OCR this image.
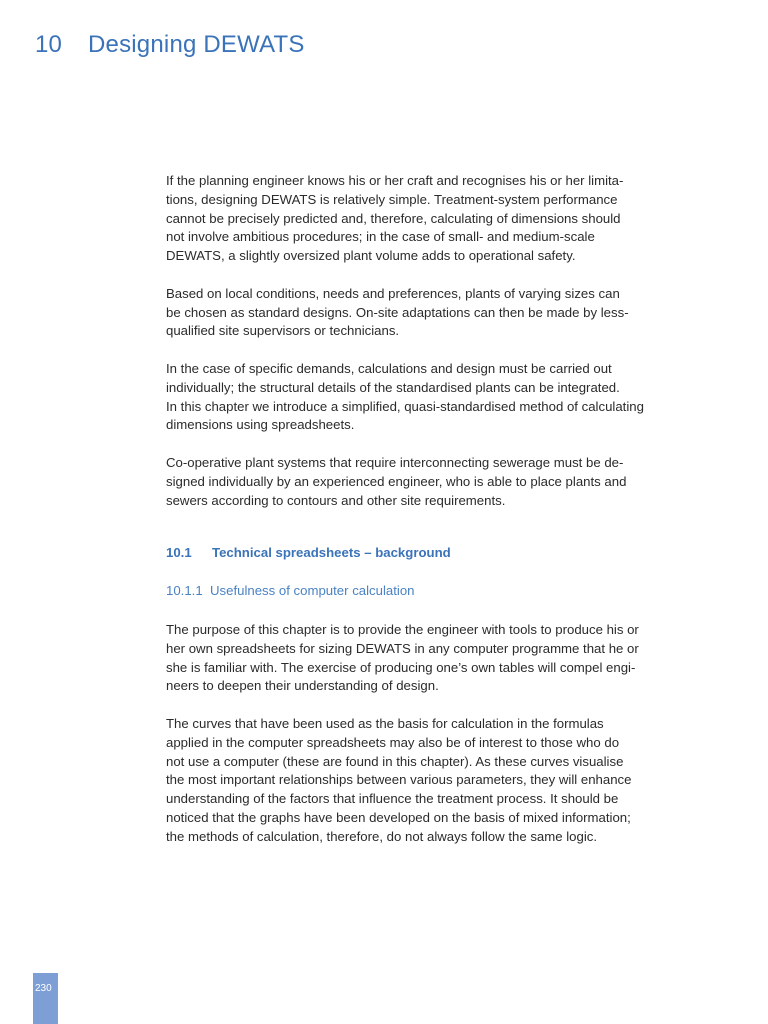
10 Designing DEWATS

If the planning engineer knows his or her craft and recognises his or her limita-
tions, designing DEWATS is relatively simple. Treatment-system performance
cannot be precisely predicted and, therefore, calculating of dimensions should
not involve ambitious procedures; in the case of small- and medium-scale
DEWATS, a slightly oversized plant volume adds to operational safety.

Based on local conditions, needs and preferences, plants of varying sizes can
be chosen as standard designs. On-site adaptations can then be made by less-
qualified site supervisors or technicians.

In the case of specific demands, calculations and design must be carried out
individually; the structural details of the standardised plants can be integrated.
In this chapter we introduce a simplified, quasi-standardised method of calculating
dimensions using spreadsheets.

Co-operative plant systems that require interconnecting sewerage must be de-
signed individually by an experienced engineer, who is able to place plants and
sewers according to contours and other site requirements.

10.1 Technical spreadsheets – background
10.1.1 Usefulness of computer calculation

The purpose of this chapter is to provide the engineer with tools to produce his or
her own spreadsheets for sizing DEWATS in any computer programme that he or
she is familiar with. The exercise of producing one’s own tables will compel engi-
neers to deepen their understanding of design.

The curves that have been used as the basis for calculation in the formulas
applied in the computer spreadsheets may also be of interest to those who do
not use a computer (these are found in this chapter). As these curves visualise
the most important relationships between various parameters, they will enhance
understanding of the factors that influence the treatment process. It should be
noticed that the graphs have been developed on the basis of mixed information;
the methods of calculation, therefore, do not always follow the same logic.

230
